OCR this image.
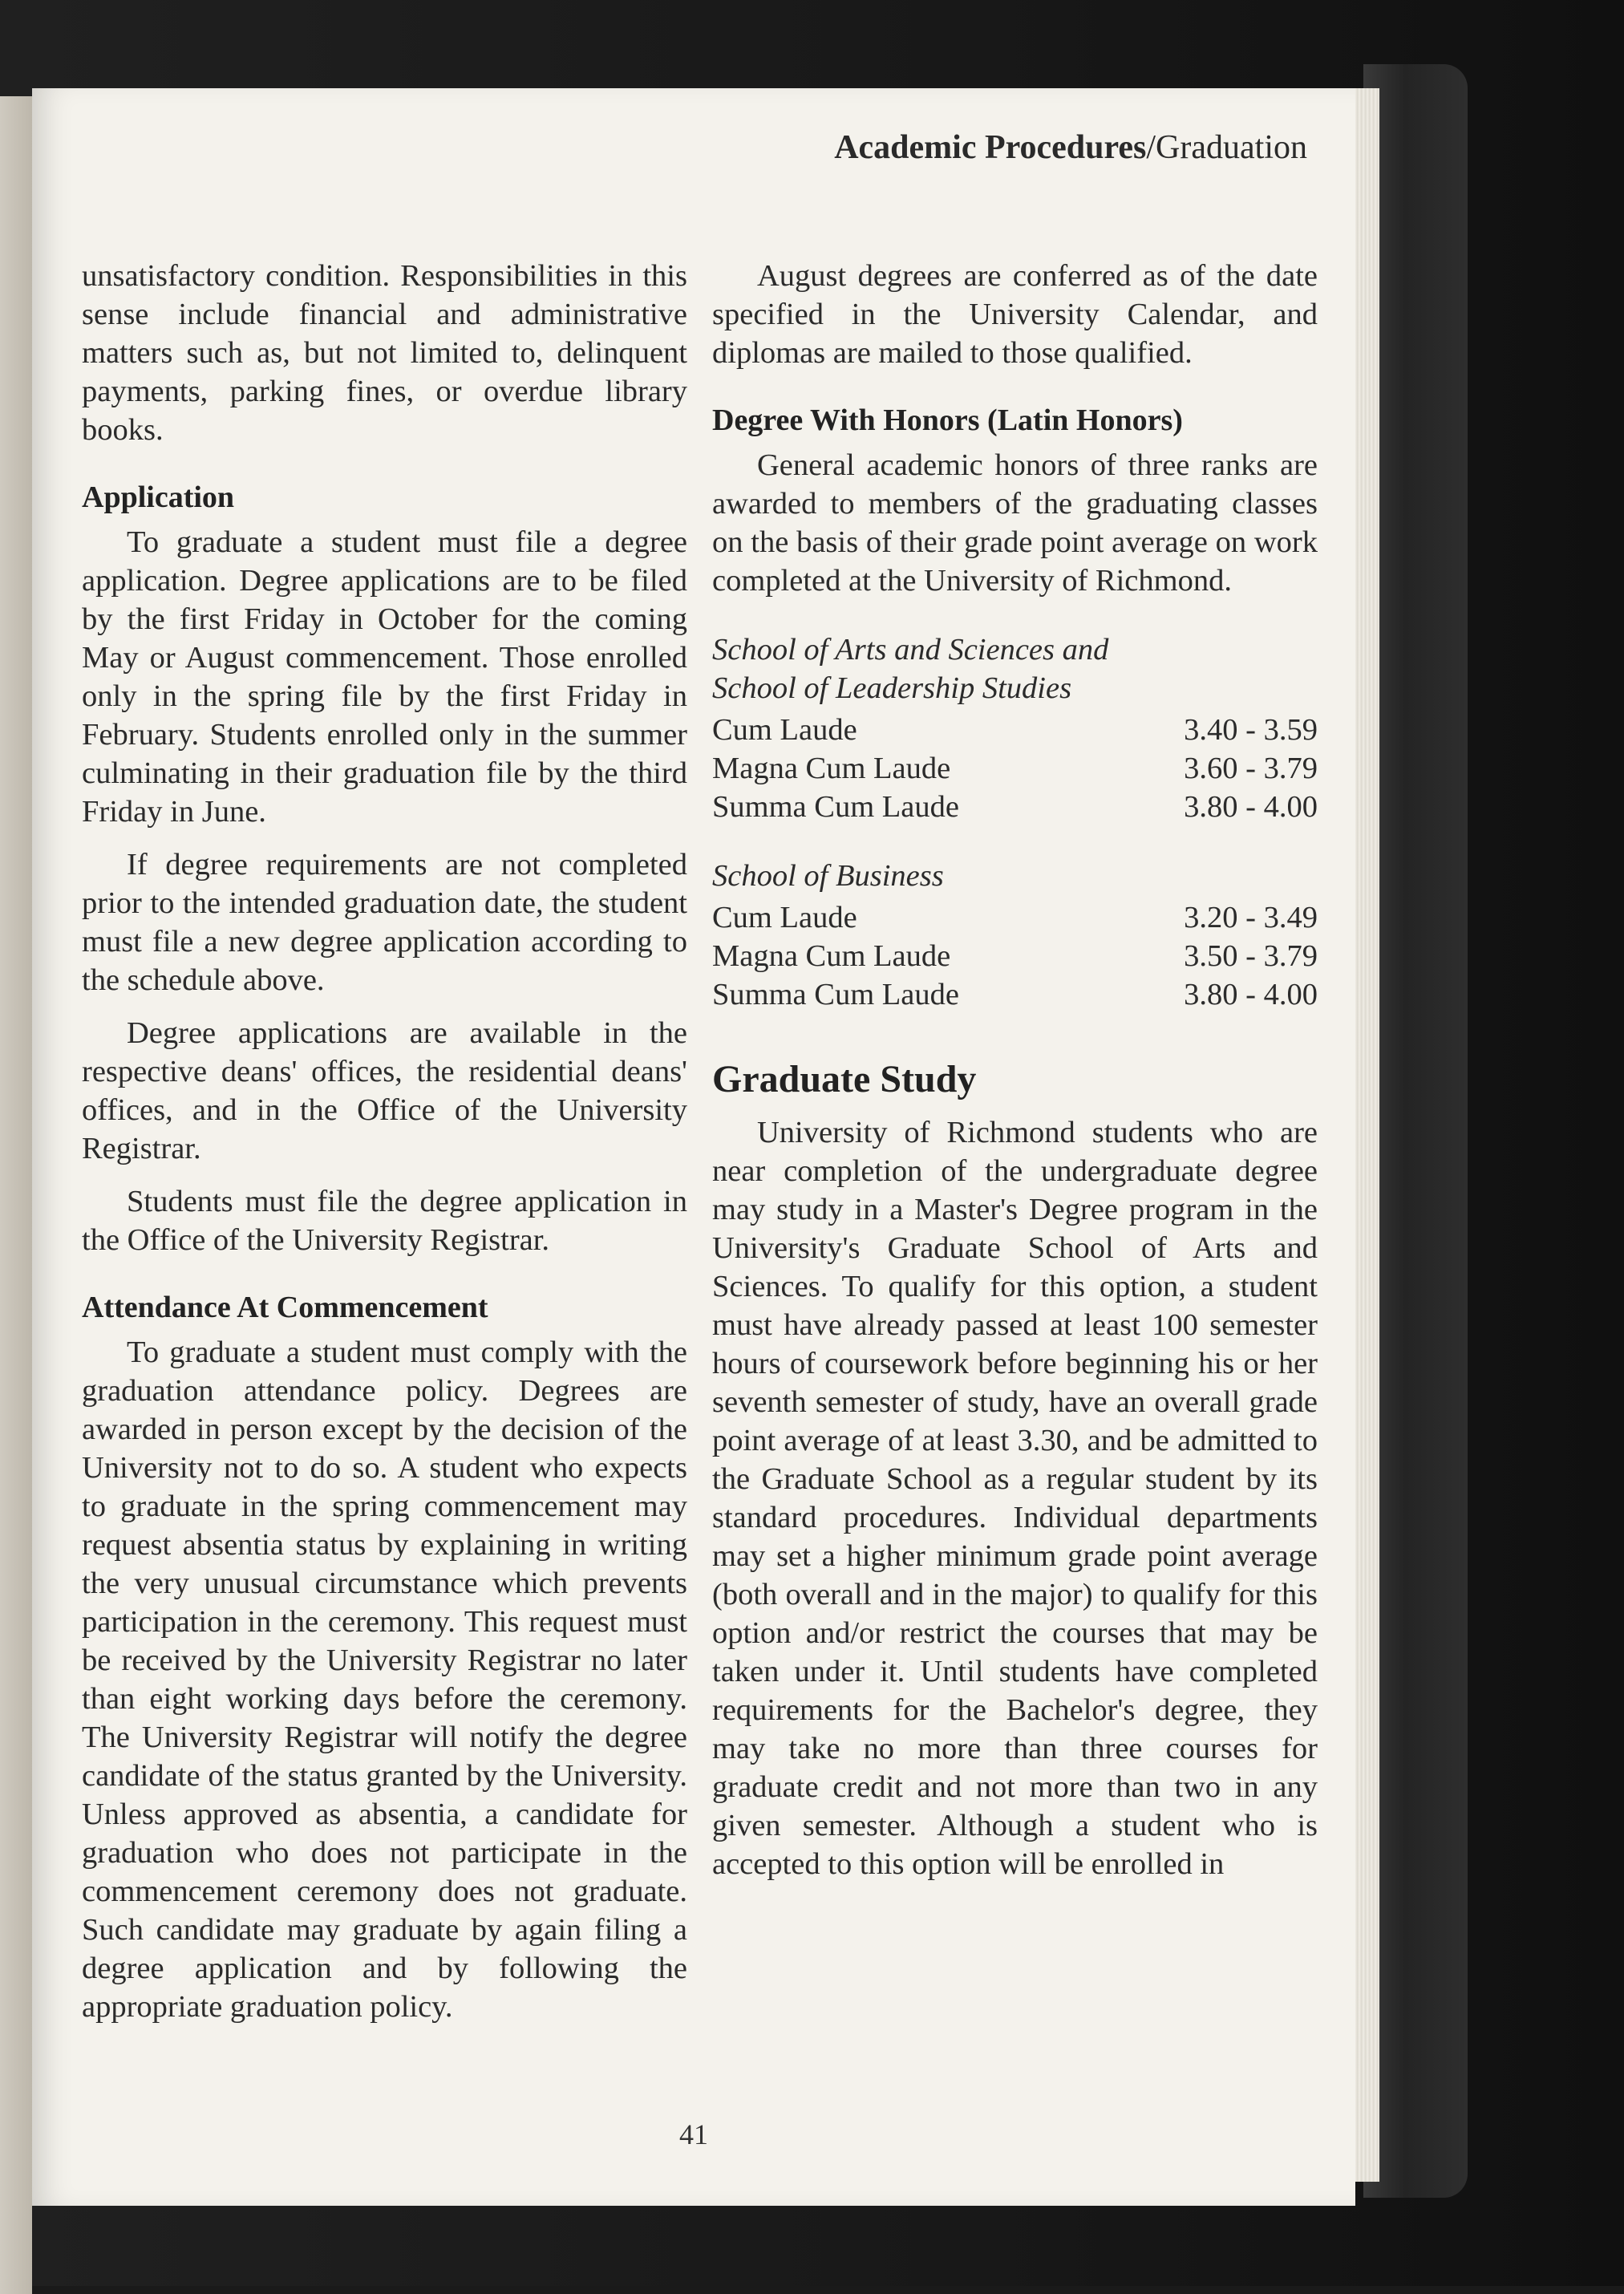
Academic Procedures/Graduation

unsatisfactory condition. Responsibilities in this sense include financial and administrative matters such as, but not limited to, delinquent payments, parking fines, or overdue library books.

Application

To graduate a student must file a degree application. Degree applications are to be filed by the first Friday in October for the coming May or August commencement. Those enrolled only in the spring file by the first Friday in February. Students enrolled only in the summer culminating in their graduation file by the third Friday in June.

If degree requirements are not completed prior to the intended graduation date, the student must file a new degree application according to the schedule above.

Degree applications are available in the respective deans' offices, the residential deans' offices, and in the Office of the University Registrar.

Students must file the degree application in the Office of the University Registrar.

Attendance At Commencement

To graduate a student must comply with the graduation attendance policy. Degrees are awarded in person except by the decision of the University not to do so. A student who expects to graduate in the spring commencement may request absentia status by explaining in writing the very unusual circumstance which prevents participation in the ceremony. This request must be received by the University Registrar no later than eight working days before the ceremony. The University Registrar will notify the degree candidate of the status granted by the University. Unless approved as absentia, a candidate for graduation who does not participate in the commencement ceremony does not graduate. Such candidate may graduate by again filing a degree application and by following the appropriate graduation policy.

August degrees are conferred as of the date specified in the University Calendar, and diplomas are mailed to those qualified.

Degree With Honors (Latin Honors)

General academic honors of three ranks are awarded to members of the graduating classes on the basis of their grade point average on work completed at the University of Richmond.

School of Arts and Sciences and
School of Leadership Studies
Cum Laude	3.40 - 3.59
Magna Cum Laude	3.60 - 3.79
Summa Cum Laude	3.80 - 4.00
School of Business
Cum Laude	3.20 - 3.49
Magna Cum Laude	3.50 - 3.79
Summa Cum Laude	3.80 - 4.00
Graduate Study

University of Richmond students who are near completion of the undergraduate degree may study in a Master's Degree program in the University's Graduate School of Arts and Sciences. To qualify for this option, a student must have already passed at least 100 semester hours of coursework before beginning his or her seventh semester of study, have an overall grade point average of at least 3.30, and be admitted to the Graduate School as a regular student by its standard procedures. Individual departments may set a higher minimum grade point average (both overall and in the major) to qualify for this option and/or restrict the courses that may be taken under it. Until students have completed requirements for the Bachelor's degree, they may take no more than three courses for graduate credit and not more than two in any given semester. Although a student who is accepted to this option will be enrolled in

41
